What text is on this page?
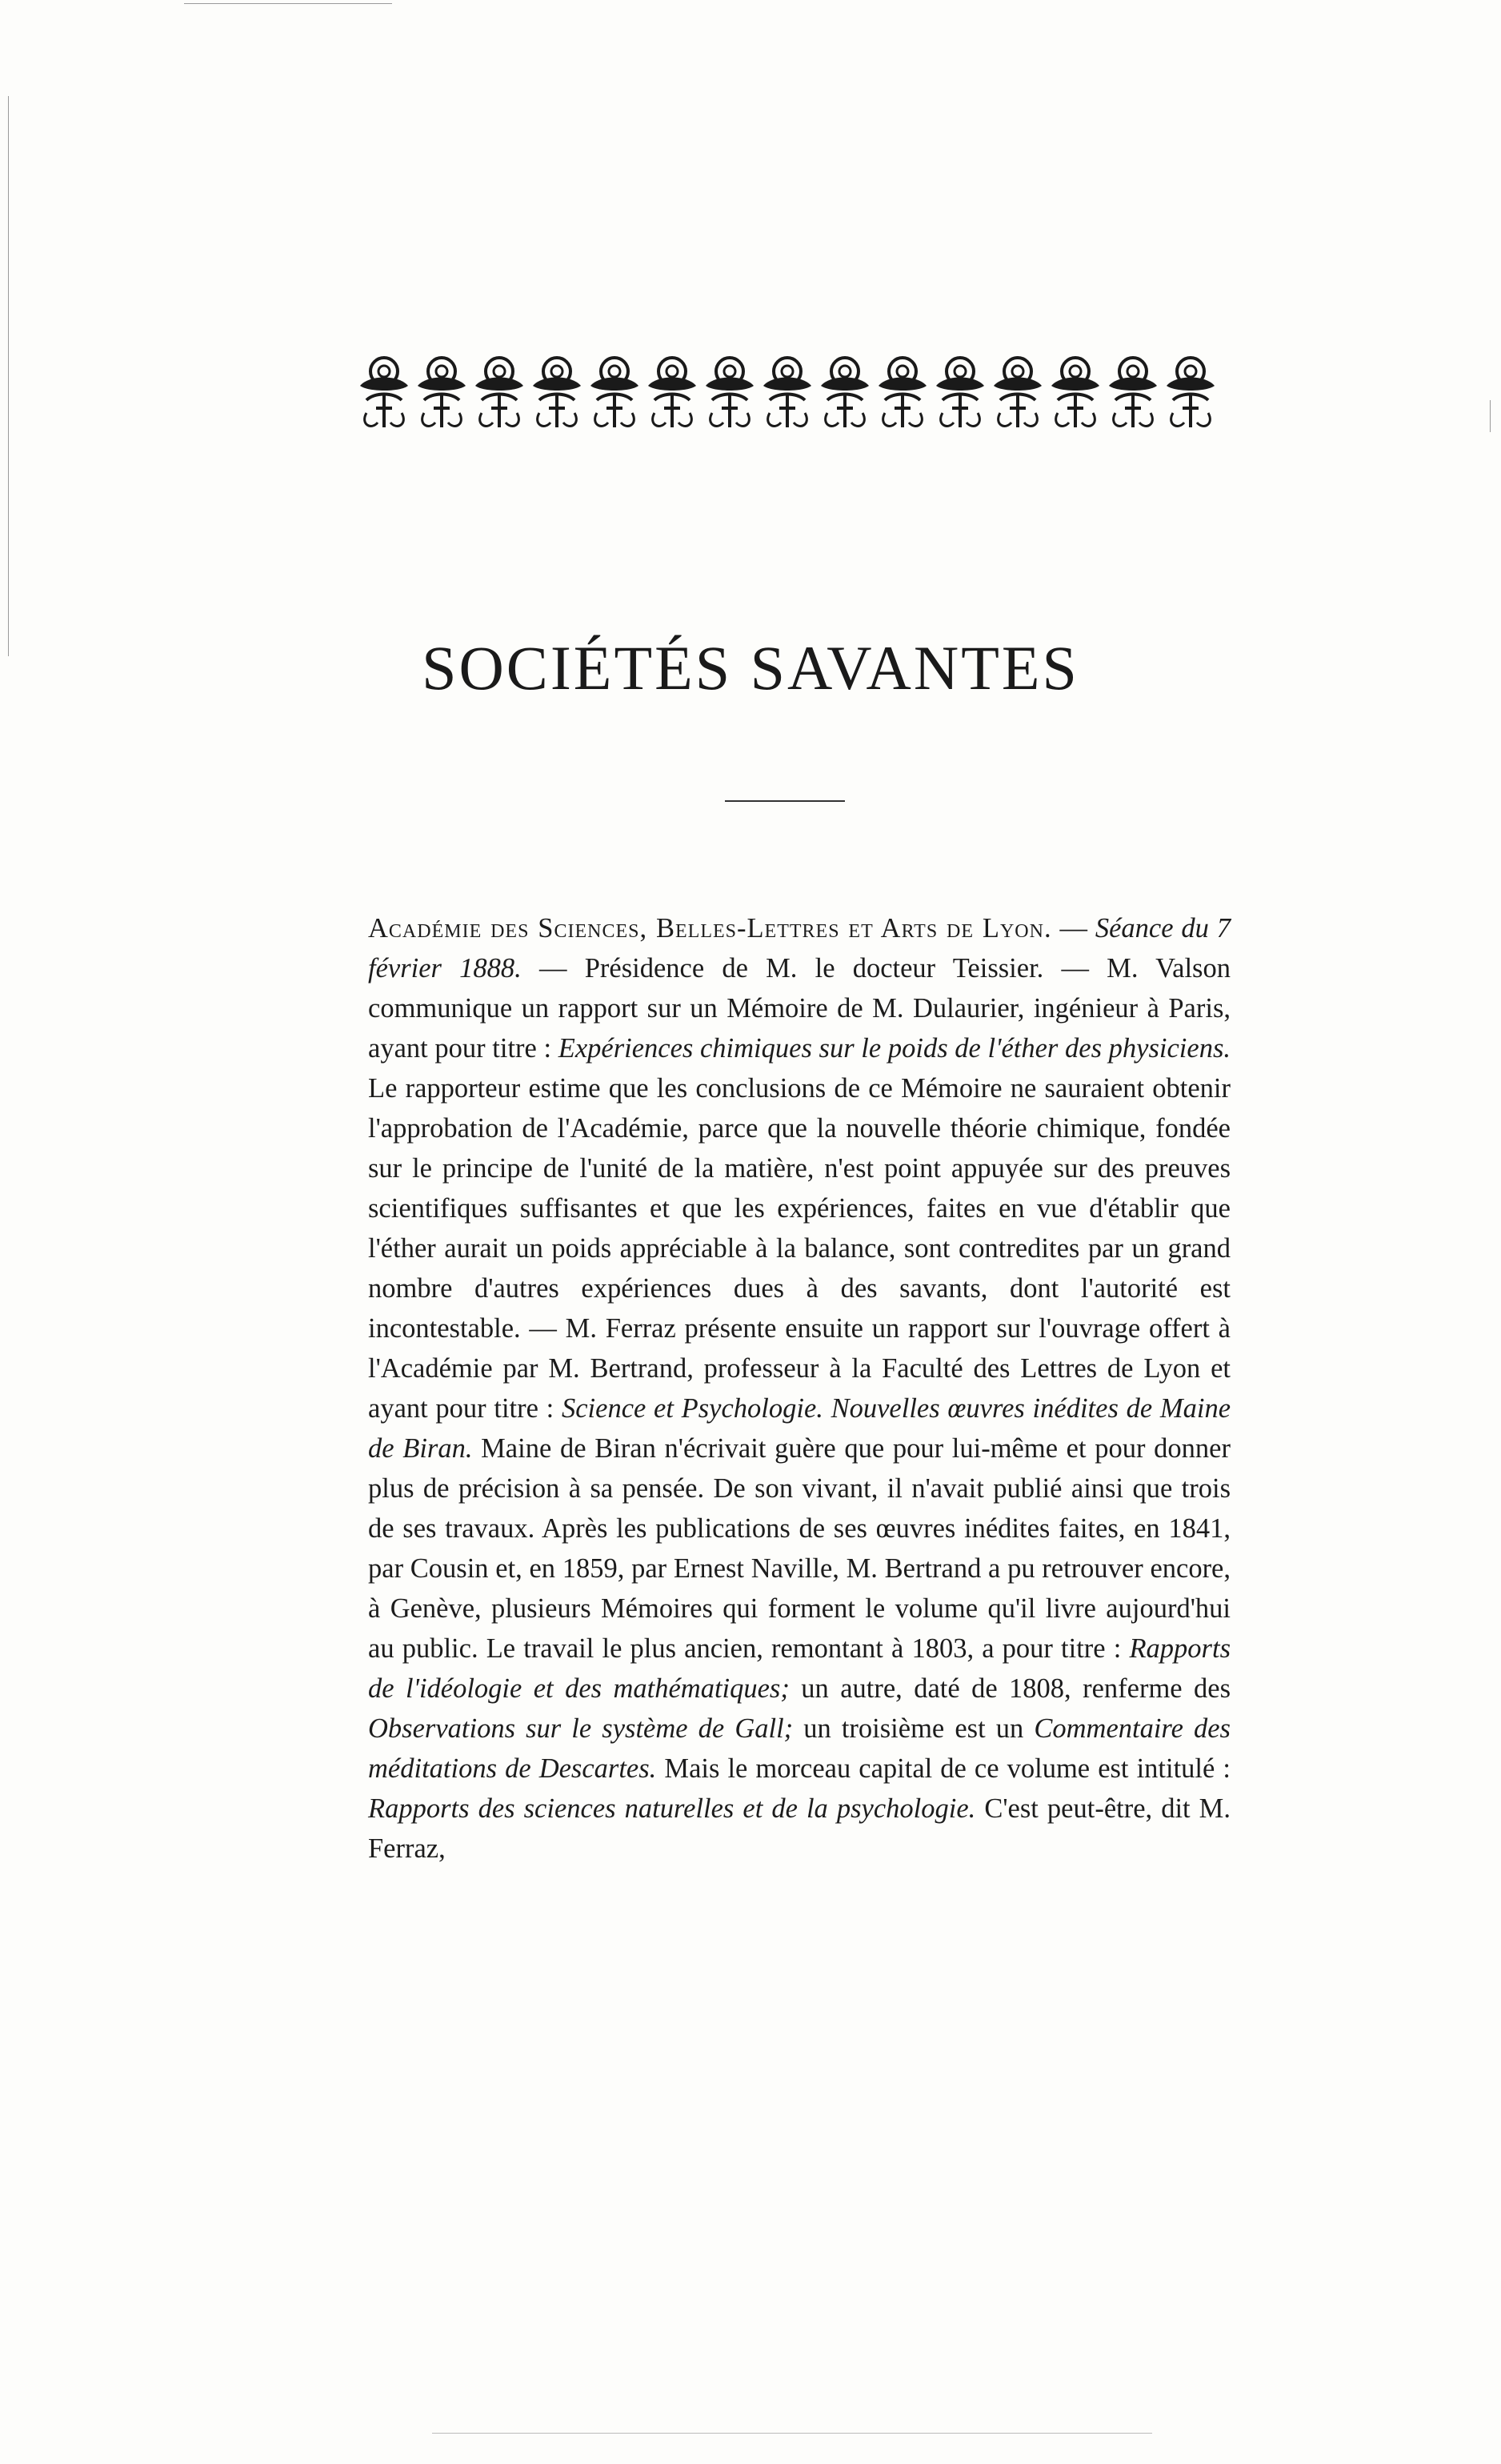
SOCIÉTÉS SAVANTES

Académie des Sciences, Belles-Lettres et Arts de Lyon. — Séance du 7 février 1888. — Présidence de M. le docteur Teissier. — M. Valson communique un rapport sur un Mémoire de M. Dulaurier, ingénieur à Paris, ayant pour titre : Expériences chimiques sur le poids de l'éther des physiciens. Le rapporteur estime que les conclusions de ce Mémoire ne sauraient obtenir l'approbation de l'Académie, parce que la nouvelle théorie chimique, fondée sur le principe de l'unité de la matière, n'est point appuyée sur des preuves scientifiques suffisantes et que les expériences, faites en vue d'établir que l'éther aurait un poids appréciable à la balance, sont contredites par un grand nombre d'autres expériences dues à des savants, dont l'autorité est incontestable. — M. Ferraz présente ensuite un rapport sur l'ouvrage offert à l'Académie par M. Bertrand, professeur à la Faculté des Lettres de Lyon et ayant pour titre : Science et Psychologie. Nouvelles œuvres inédites de Maine de Biran. Maine de Biran n'écrivait guère que pour lui-même et pour donner plus de précision à sa pensée. De son vivant, il n'avait publié ainsi que trois de ses travaux. Après les publications de ses œuvres inédites faites, en 1841, par Cousin et, en 1859, par Ernest Naville, M. Bertrand a pu retrouver encore, à Genève, plusieurs Mémoires qui forment le volume qu'il livre aujourd'hui au public. Le travail le plus ancien, remontant à 1803, a pour titre : Rapports de l'idéologie et des mathématiques; un autre, daté de 1808, renferme des Observations sur le système de Gall; un troisième est un Commentaire des méditations de Descartes. Mais le morceau capital de ce volume est intitulé : Rapports des sciences naturelles et de la psychologie. C'est peut-être, dit M. Ferraz,
